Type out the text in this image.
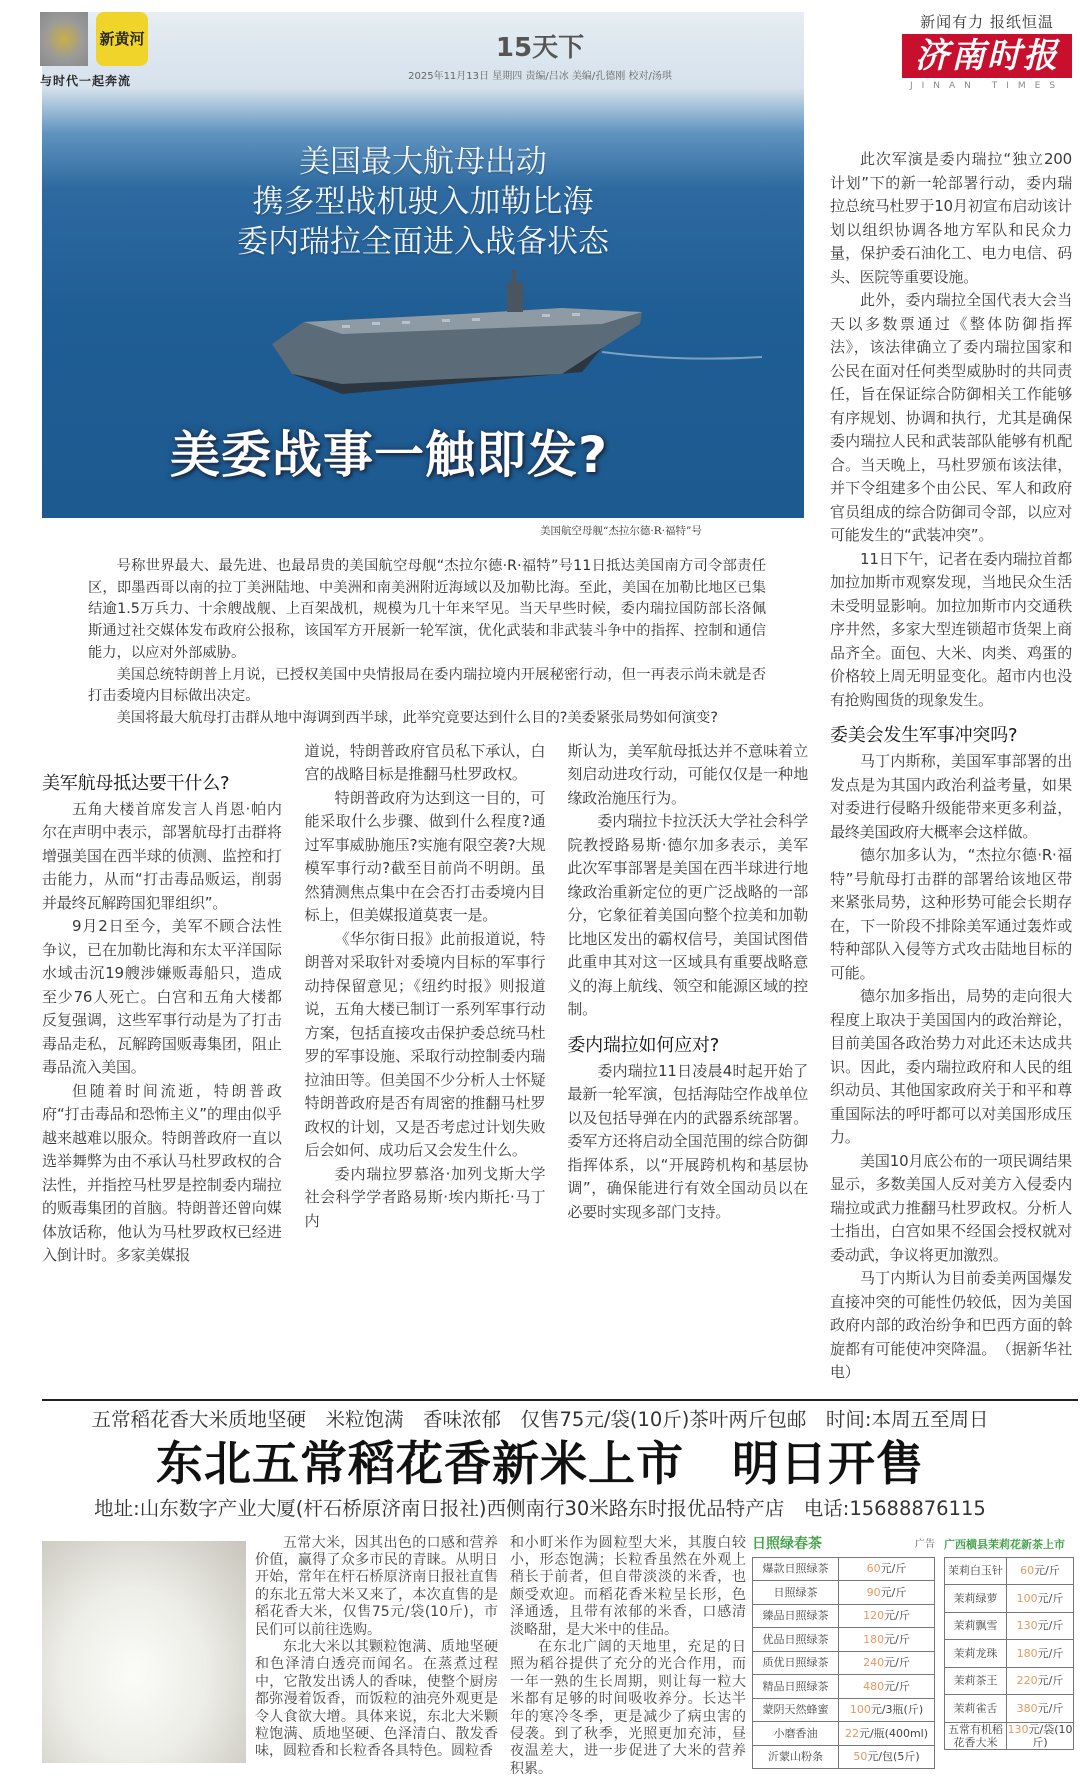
新黄河
与时代一起奔流
15天下
2025年11月13日 星期四 责编/吕冰 美编/孔德刚 校对/汤琪
新闻有力 报纸恒温
济南时报
JINAN TIMES
美国最大航母出动
携多型战机驶入加勒比海
委内瑞拉全面进入战备状态
美委战事一触即发?
美国航空母舰“杰拉尔德·R·福特”号

号称世界最大、最先进、也最昂贵的美国航空母舰“杰拉尔德·R·福特”号11日抵达美国南方司令部责任区，即墨西哥以南的拉丁美洲陆地、中美洲和南美洲附近海域以及加勒比海。至此，美国在加勒比地区已集结逾1.5万兵力、十余艘战舰、上百架战机，规模为几十年来罕见。当天早些时候，委内瑞拉国防部长洛佩斯通过社交媒体发布政府公报称，该国军方开展新一轮军演，优化武装和非武装斗争中的指挥、控制和通信能力，以应对外部威胁。

美国总统特朗普上月说，已授权美国中央情报局在委内瑞拉境内开展秘密行动，但一再表示尚未就是否打击委境内目标做出决定。

美国将最大航母打击群从地中海调到西半球，此举究竟要达到什么目的?美委紧张局势如何演变?

美军航母抵达要干什么?

五角大楼首席发言人肖恩·帕内尔在声明中表示，部署航母打击群将增强美国在西半球的侦测、监控和打击能力，从而“打击毒品贩运，削弱并最终瓦解跨国犯罪组织”。

9月2日至今，美军不顾合法性争议，已在加勒比海和东太平洋国际水域击沉19艘涉嫌贩毒船只，造成至少76人死亡。白宫和五角大楼都反复强调，这些军事行动是为了打击毒品走私，瓦解跨国贩毒集团，阻止毒品流入美国。

但随着时间流逝，特朗普政府“打击毒品和恐怖主义”的理由似乎越来越难以服众。特朗普政府一直以选举舞弊为由不承认马杜罗政权的合法性，并指控马杜罗是控制委内瑞拉的贩毒集团的首脑。特朗普还曾向媒体放话称，他认为马杜罗政权已经进入倒计时。多家美媒报

道说，特朗普政府官员私下承认，白宫的战略目标是推翻马杜罗政权。

特朗普政府为达到这一目的，可能采取什么步骤、做到什么程度?通过军事威胁施压?实施有限空袭?大规模军事行动?截至目前尚不明朗。虽然猜测焦点集中在会否打击委境内目标上，但美媒报道莫衷一是。

《华尔街日报》此前报道说，特朗普对采取针对委境内目标的军事行动持保留意见；《纽约时报》则报道说，五角大楼已制订一系列军事行动方案，包括直接攻击保护委总统马杜罗的军事设施、采取行动控制委内瑞拉油田等。但美国不少分析人士怀疑特朗普政府是否有周密的推翻马杜罗政权的计划，又是否考虑过计划失败后会如何、成功后又会发生什么。

委内瑞拉罗慕洛·加列戈斯大学社会科学学者路易斯·埃内斯托·马丁内

斯认为，美军航母抵达并不意味着立刻启动进攻行动，可能仅仅是一种地缘政治施压行为。

委内瑞拉卡拉沃沃大学社会科学院教授路易斯·德尔加多表示，美军此次军事部署是美国在西半球进行地缘政治重新定位的更广泛战略的一部分，它象征着美国向整个拉美和加勒比地区发出的霸权信号，美国试图借此重申其对这一区域具有重要战略意义的海上航线、领空和能源区域的控制。

委内瑞拉如何应对?

委内瑞拉11日凌晨4时起开始了最新一轮军演，包括海陆空作战单位以及包括导弹在内的武器系统部署。委军方还将启动全国范围的综合防御指挥体系，以“开展跨机构和基层协调”，确保能进行有效全国动员以在必要时实现多部门支持。

此次军演是委内瑞拉“独立200计划”下的新一轮部署行动，委内瑞拉总统马杜罗于10月初宣布启动该计划以组织协调各地方军队和民众力量，保护委石油化工、电力电信、码头、医院等重要设施。

此外，委内瑞拉全国代表大会当天以多数票通过《整体防御指挥法》，该法律确立了委内瑞拉国家和公民在面对任何类型威胁时的共同责任，旨在保证综合防御相关工作能够有序规划、协调和执行，尤其是确保委内瑞拉人民和武装部队能够有机配合。当天晚上，马杜罗颁布该法律，并下令组建多个由公民、军人和政府官员组成的综合防御司令部，以应对可能发生的“武装冲突”。

11日下午，记者在委内瑞拉首都加拉加斯市观察发现，当地民众生活未受明显影响。加拉加斯市内交通秩序井然，多家大型连锁超市货架上商品齐全。面包、大米、肉类、鸡蛋的价格较上周无明显变化。超市内也没有抢购囤货的现象发生。

委美会发生军事冲突吗?

马丁内斯称，美国军事部署的出发点是为其国内政治利益考量，如果对委进行侵略升级能带来更多利益，最终美国政府大概率会这样做。

德尔加多认为，“杰拉尔德·R·福特”号航母打击群的部署给该地区带来紧张局势，这种形势可能会长期存在，下一阶段不排除美军通过轰炸或特种部队入侵等方式攻击陆地目标的可能。

德尔加多指出，局势的走向很大程度上取决于美国国内的政治辩论，目前美国各政治势力对此还未达成共识。因此，委内瑞拉政府和人民的组织动员、其他国家政府关于和平和尊重国际法的呼吁都可以对美国形成压力。

美国10月底公布的一项民调结果显示，多数美国人反对美方入侵委内瑞拉或武力推翻马杜罗政权。分析人士指出，白宫如果不经国会授权就对委动武，争议将更加激烈。

马丁内斯认为目前委美两国爆发直接冲突的可能性仍较低，因为美国政府内部的政治纷争和巴西方面的斡旋都有可能使冲突降温。　（据新华社电）

五常稻花香大米质地坚硬　米粒饱满　香味浓郁　仅售75元/袋(10斤)茶叶两斤包邮　时间:本周五至周日
东北五常稻花香新米上市　明日开售
地址:山东数字产业大厦(杆石桥原济南日报社)西侧南行30米路东时报优品特产店　电话:15688876115

五常大米，因其出色的口感和营养价值，赢得了众多市民的青睐。从明日开始，常年在杆石桥原济南日报社直售的东北五常大米又来了，本次直售的是稻花香大米，仅售75元/袋(10斤)，市民们可以前往选购。

东北大米以其颗粒饱满、质地坚硬和色泽清白透亮而闻名。在蒸煮过程中，它散发出诱人的香味，使整个厨房都弥漫着饭香，而饭粒的油亮外观更是令人食欲大增。具体来说，东北大米颗粒饱满、质地坚硬、色泽清白、散发香味，圆粒香和长粒香各具特色。圆粒香

和小町米作为圆粒型大米，其腹白较小，形态饱满；长粒香虽然在外观上稍长于前者，但自带淡淡的米香，也颇受欢迎。而稻花香米粒呈长形，色泽通透，且带有浓郁的米香，口感清淡略甜，是大米中的佳品。

在东北广阔的天地里，充足的日照为稻谷提供了充分的光合作用，而一年一熟的生长周期，则让每一粒大米都有足够的时间吸收养分。长达半年的寒冷冬季，更是减少了病虫害的侵袭。到了秋季，光照更加充沛，昼夜温差大，进一步促进了大米的营养积累。

日照绿春茶	广告 广西横县茉莉花新茶上市
爆款日照绿茶	60元/斤
日照绿茶	90元/斤
臻品日照绿茶	120元/斤
优品日照绿茶	180元/斤
质优日照绿茶	240元/斤
精品日照绿茶	480元/斤
蒙阴天然蜂蜜	100元/3瓶(斤)
小磨香油	22元/瓶(400ml)
沂蒙山粉条	50元/包(5斤)
茉莉白玉针	60元/斤
茉莉绿萝	100元/斤
茉莉飘雪	130元/斤
茉莉龙珠	180元/斤
茉莉茶王	220元/斤
茉莉雀舌	380元/斤
五常有机稻花香大米	130元/袋(10斤)
